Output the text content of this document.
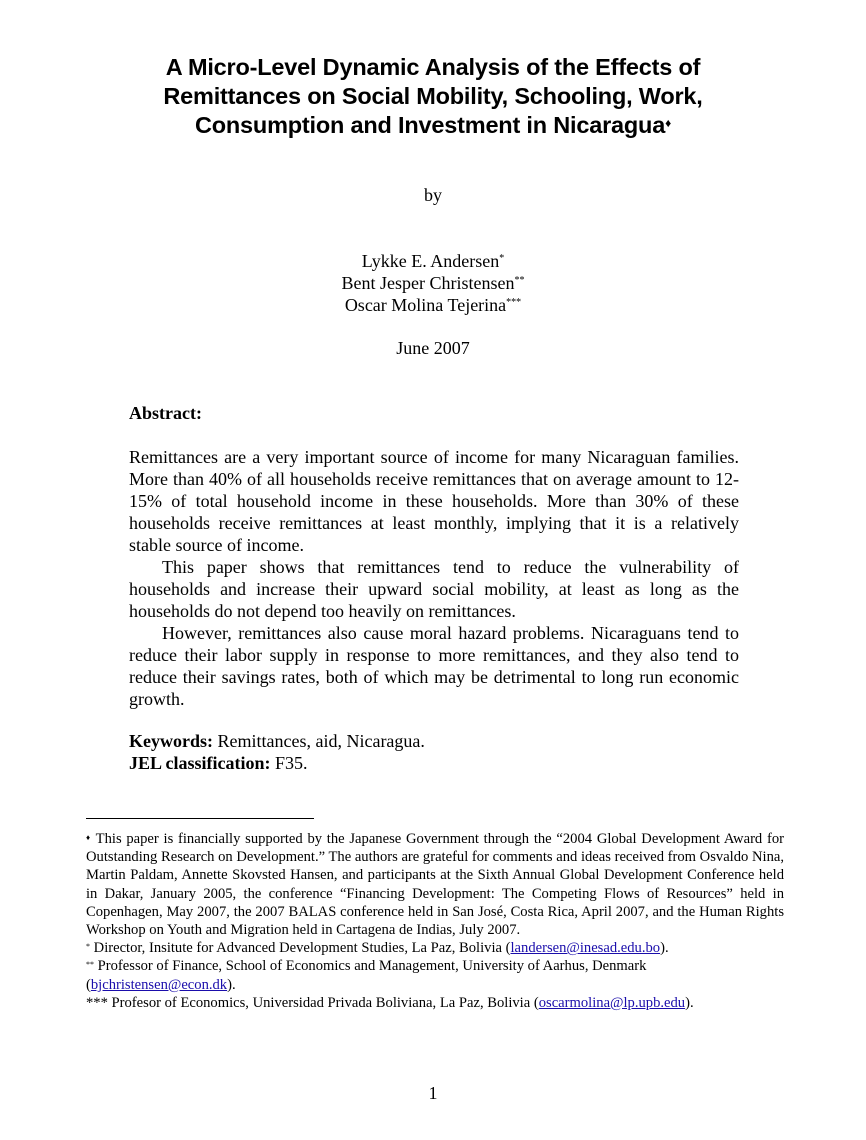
A Micro-Level Dynamic Analysis of the Effects of Remittances on Social Mobility, Schooling, Work, Consumption and Investment in Nicaragua♦
by
Lykke E. Andersen*
Bent Jesper Christensen**
Oscar Molina Tejerina***
June 2007
Abstract:

Remittances are a very important source of income for many Nicaraguan families. More than 40% of all households receive remittances that on average amount to 12-15% of total household income in these households. More than 30% of these households receive remittances at least monthly, implying that it is a relatively stable source of income.

This paper shows that remittances tend to reduce the vulnerability of households and increase their upward social mobility, at least as long as the households do not depend too heavily on remittances.

However, remittances also cause moral hazard problems. Nicaraguans tend to reduce their labor supply in response to more remittances, and they also tend to reduce their savings rates, both of which may be detrimental to long run economic growth.

Keywords: Remittances, aid, Nicaragua.
JEL classification: F35.

♦ This paper is financially supported by the Japanese Government through the “2004 Global Development Award for Outstanding Research on Development.” The authors are grateful for comments and ideas received from Osvaldo Nina, Martin Paldam, Annette Skovsted Hansen, and participants at the Sixth Annual Global Development Conference held in Dakar, January 2005, the conference “Financing Development: The Competing Flows of Resources” held in Copenhagen, May 2007, the 2007 BALAS conference held in San José, Costa Rica, April 2007, and the Human Rights Workshop on Youth and Migration held in Cartagena de Indias, July 2007.

* Director, Insitute for Advanced Development Studies, La Paz, Bolivia (landersen@inesad.edu.bo).

** Professor of Finance, School of Economics and Management, University of Aarhus, Denmark (bjchristensen@econ.dk).

*** Profesor of Economics, Universidad Privada Boliviana, La Paz, Bolivia (oscarmolina@lp.upb.edu).

1
